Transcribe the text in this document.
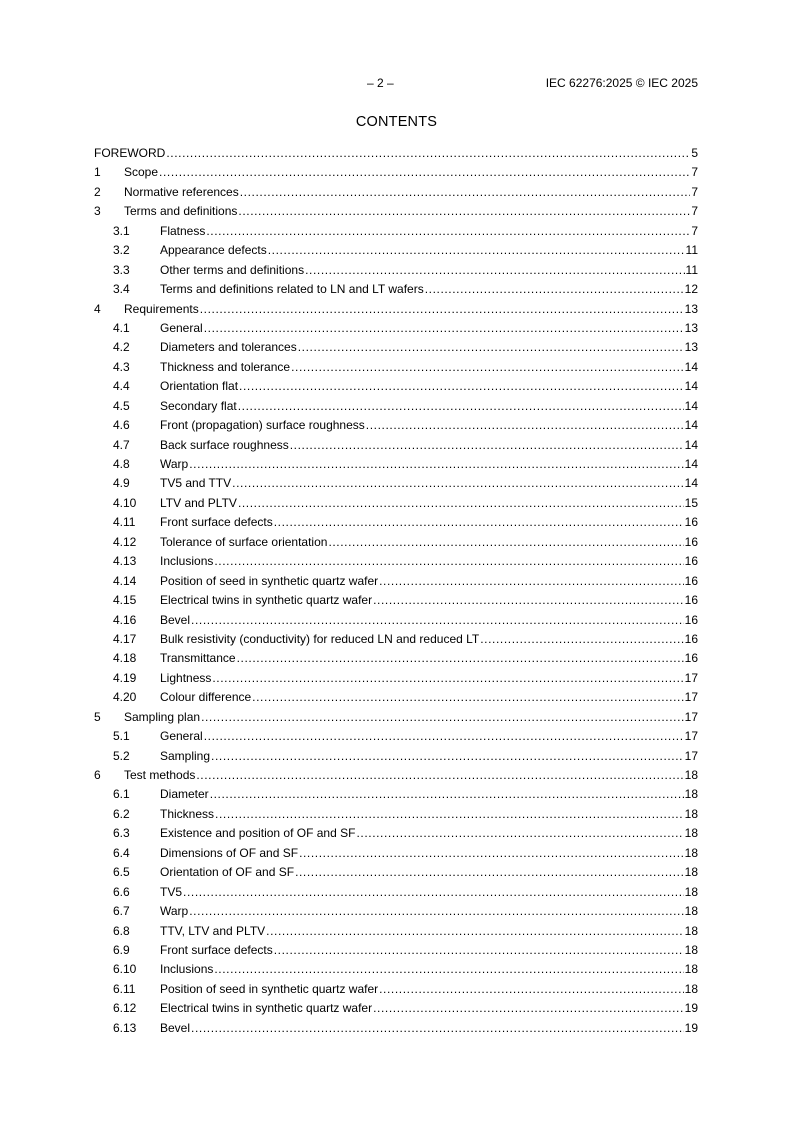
– 2 –	IEC 62276:2025 © IEC 2025
CONTENTS
FOREWORD .....	5
1	Scope .....	7
2	Normative references .....	7
3	Terms and definitions .....	7
3.1	Flatness .....	7
3.2	Appearance defects .....	11
3.3	Other terms and definitions .....	11
3.4	Terms and definitions related to LN and LT wafers .....	12
4	Requirements .....	13
4.1	General .....	13
4.2	Diameters and tolerances .....	13
4.3	Thickness and tolerance .....	14
4.4	Orientation flat .....	14
4.5	Secondary flat .....	14
4.6	Front (propagation) surface roughness .....	14
4.7	Back surface roughness .....	14
4.8	Warp .....	14
4.9	TV5 and TTV .....	14
4.10	LTV and PLTV .....	15
4.11	Front surface defects .....	16
4.12	Tolerance of surface orientation .....	16
4.13	Inclusions .....	16
4.14	Position of seed in synthetic quartz wafer .....	16
4.15	Electrical twins in synthetic quartz wafer .....	16
4.16	Bevel .....	16
4.17	Bulk resistivity (conductivity) for reduced LN and reduced LT .....	16
4.18	Transmittance .....	16
4.19	Lightness .....	17
4.20	Colour difference .....	17
5	Sampling plan .....	17
5.1	General .....	17
5.2	Sampling .....	17
6	Test methods .....	18
6.1	Diameter .....	18
6.2	Thickness .....	18
6.3	Existence and position of OF and SF .....	18
6.4	Dimensions of OF and SF .....	18
6.5	Orientation of OF and SF .....	18
6.6	TV5 .....	18
6.7	Warp .....	18
6.8	TTV, LTV and PLTV .....	18
6.9	Front surface defects .....	18
6.10	Inclusions .....	18
6.11	Position of seed in synthetic quartz wafer .....	18
6.12	Electrical twins in synthetic quartz wafer .....	19
6.13	Bevel .....	19
